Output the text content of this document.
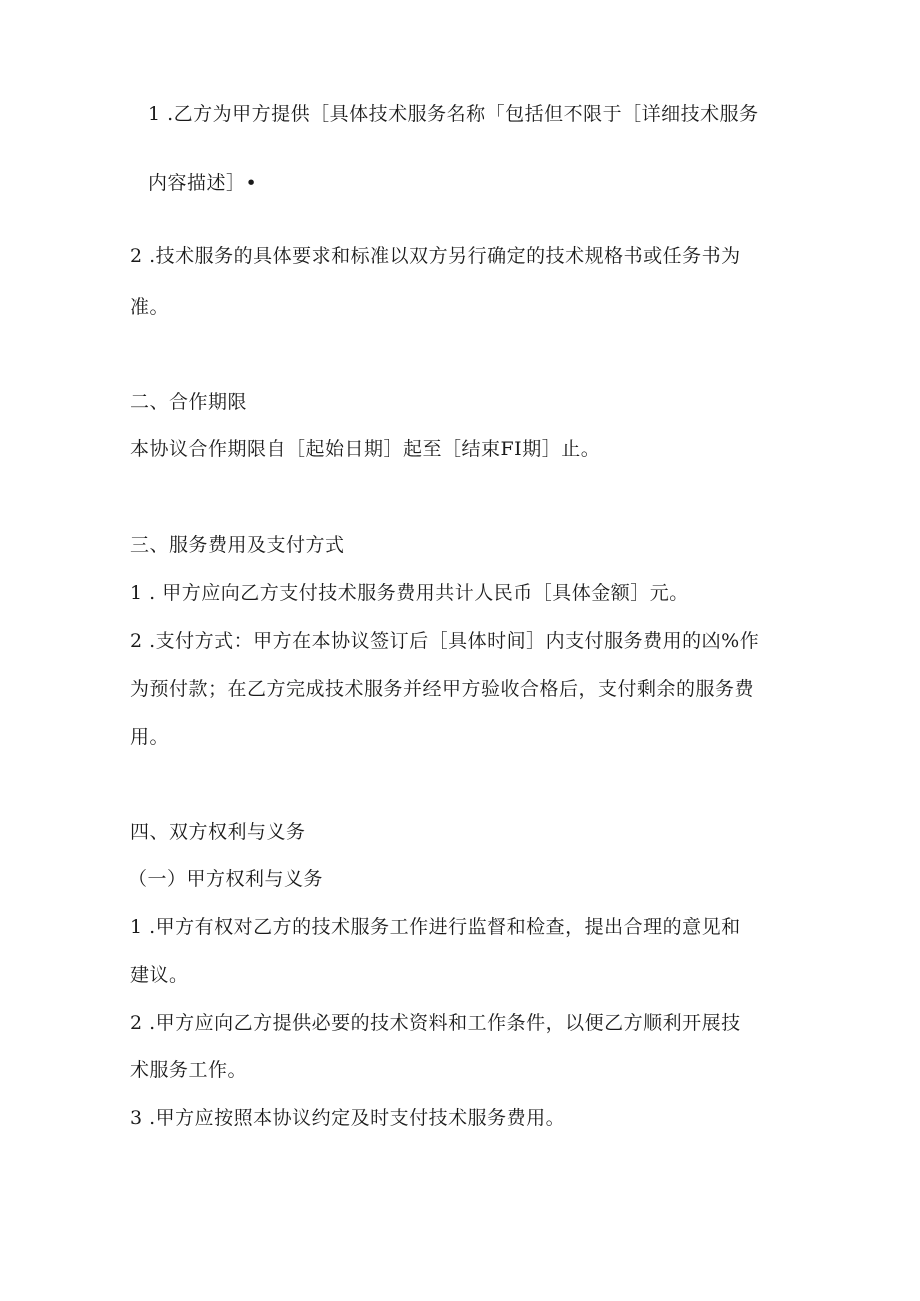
1 .乙方为甲方提供［具体技术服务名称「包括但不限于［详细技术服务
内容描述］•
2 .技术服务的具体要求和标准以双方另行确定的技术规格书或任务书为
准。
二、合作期限
本协议合作期限自［起始日期］起至［结束FI期］止。
三、服务费用及支付方式
1 . 甲方应向乙方支付技术服务费用共计人民币［具体金额］元。
2 .支付方式：甲方在本协议签订后［具体时间］内支付服务费用的凶%作
为预付款；在乙方完成技术服务并经甲方验收合格后，支付剩余的服务费
用。
四、双方权利与义务
（一）甲方权利与义务
1 .甲方有权对乙方的技术服务工作进行监督和检查，提出合理的意见和
建议。
2 .甲方应向乙方提供必要的技术资料和工作条件，以便乙方顺利开展技
术服务工作。
3 .甲方应按照本协议约定及时支付技术服务费用。
